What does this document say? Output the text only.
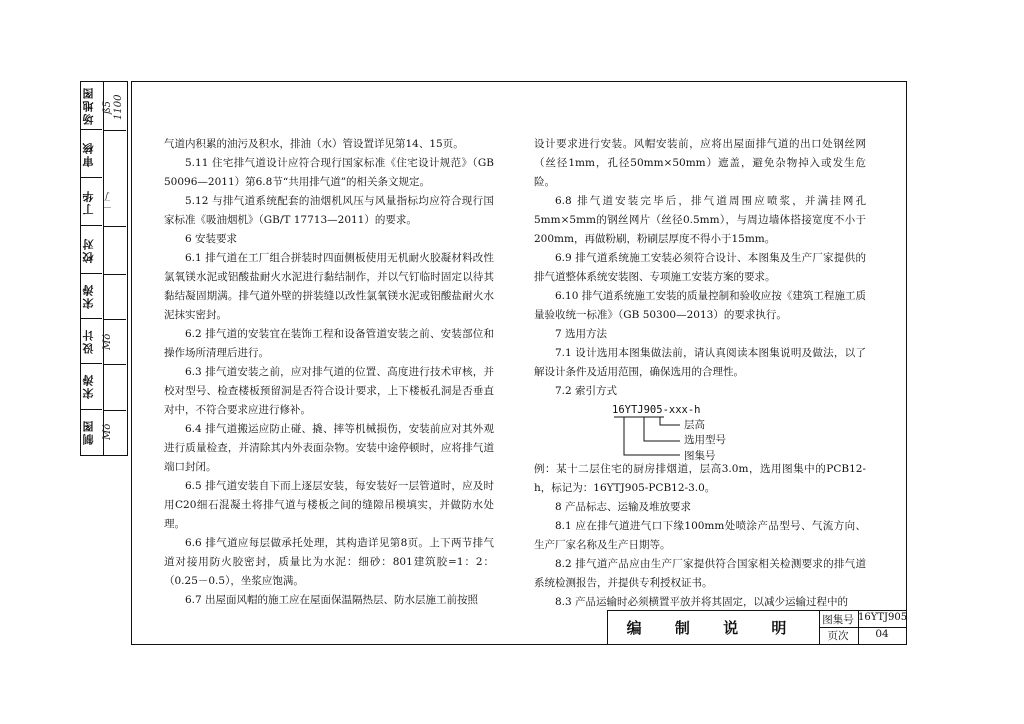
场地图
审核
丁华
校对
宋涛
设计
宋涛
制图
ß5 1100
一丁
Mó
Mó

气道内积累的油污及积水，排油（水）管设置详见第14、15页。

5.11 住宅排气道设计应符合现行国家标准《住宅设计规范》（GB 50096—2011）第6.8节“共用排气道”的相关条文规定。

5.12 与排气道系统配套的油烟机风压与风量指标均应符合现行国家标准《吸油烟机》（GB/T 17713—2011）的要求。

6 安装要求

6.1 排气道在工厂组合拼装时四面侧板使用无机耐火胶凝材料改性氯氧镁水泥或铝酸盐耐火水泥进行黏结制作，并以气钉临时固定以待其黏结凝固期满。排气道外壁的拼装缝以改性氯氧镁水泥或铝酸盐耐火水泥抹实密封。

6.2 排气道的安装宜在装饰工程和设备管道安装之前、安装部位和操作场所清理后进行。

6.3 排气道安装之前，应对排气道的位置、高度进行技术审核，并校对型号、检查楼板预留洞是否符合设计要求，上下楼板孔洞是否垂直对中，不符合要求应进行修补。

6.4 排气道搬运应防止碰、撬、摔等机械损伤，安装前应对其外观进行质量检查，并清除其内外表面杂物。安装中途停顿时，应将排气道端口封闭。

6.5 排气道安装自下而上逐层安装，每安装好一层管道时，应及时用C20细石混凝土将排气道与楼板之间的缝隙吊模填实，并做防水处理。

6.6 排气道应每层做承托处理，其构造详见第8页。上下两节排气道对接用防火胶密封，质量比为水泥：细砂：801建筑胶=1：2：（0.25－0.5），坐浆应饱满。

6.7 出屋面风帽的施工应在屋面保温隔热层、防水层施工前按照

设计要求进行安装。风帽安装前，应将出屋面排气道的出口处钢丝网（丝径1mm，孔径50mm×50mm）遮盖，避免杂物掉入或发生危险。

6.8 排气道安装完毕后，排气道周围应喷浆，并满挂网孔5mm×5mm的钢丝网片（丝径0.5mm），与周边墙体搭接宽度不小于200mm，再做粉刷，粉刷层厚度不得小于15mm。

6.9 排气道系统施工安装必须符合设计、本图集及生产厂家提供的排气道整体系统安装图、专项施工安装方案的要求。

6.10 排气道系统施工安装的质量控制和验收应按《建筑工程施工质量验收统一标准》（GB 50300—2013）的要求执行。

7 选用方法

7.1 设计选用本图集做法前，请认真阅读本图集说明及做法，以了解设计条件及适用范围，确保选用的合理性。

7.2 索引方式

16YTJ905-xxx-h
层高
选用型号
图集号

例：某十二层住宅的厨房排烟道，层高3.0m，选用图集中的PCB12-h，标记为：16YTJ905-PCB12-3.0。

8 产品标志、运输及堆放要求

8.1 应在排气道进气口下缘100mm处喷涂产品型号、气流方向、生产厂家名称及生产日期等。

8.2 排气道产品应由生产厂家提供符合国家相关检测要求的排气道系统检测报告，并提供专利授权证书。

8.3 产品运输时必须横置平放并将其固定，以减少运输过程中的

编 制 说 明	图集号 16YTJ905
页次	04
